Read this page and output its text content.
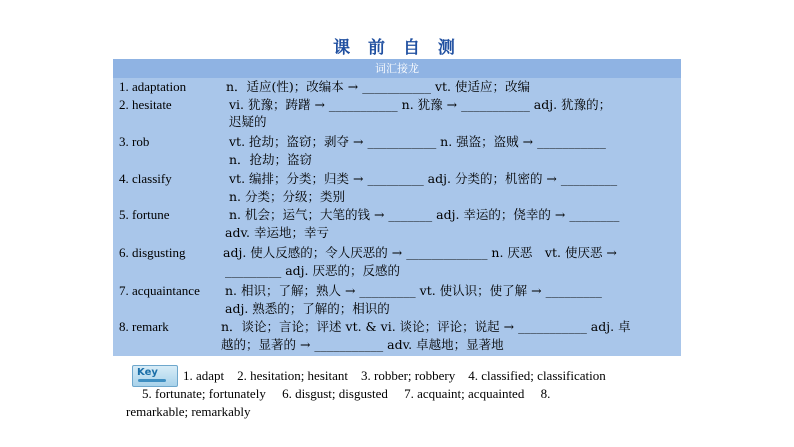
课 前 自 测
词汇接龙
1. adaptation	n．适应(性)；改编本 → ___________ vt. 使适应；改编
2. hesitate	vi. 犹豫；踌躇 → ___________ n. 犹豫 → ___________ adj. 犹豫的；
迟疑的
3. rob	vt. 抢劫；盗窃；剥夺 → ___________ n. 强盗；盗贼 → ___________
n．抢劫；盗窃
4. classify	vt. 编排；分类；归类 → _________ adj. 分类的；机密的 → _________
n. 分类；分级；类别
5. fortune	n. 机会；运气；大笔的钱 → _______ adj. 幸运的；侥幸的 → ________
adv. 幸运地；幸亏
6. disgusting	adj. 使人反感的；令人厌恶的 → _____________ n. 厌恶　vt. 使厌恶 →
_________ adj. 厌恶的；反感的
7. acquaintance n. 相识；了解；熟人 → _________ vt. 使认识；使了解 → _________
adj. 熟悉的；了解的；相识的
8. remark	n．谈论；言论；评述 vt. & vi. 谈论；评论；说起 → ___________ adj. 卓
越的；显著的 → ___________ adv. 卓越地；显著地
Key 1. adapt　2. hesitation; hesitant　3. robber; robbery　4. classified; classification
5. fortunate; fortunately　 6. disgust; disgusted　 7. acquaint; acquainted　 8.
remarkable; remarkably
